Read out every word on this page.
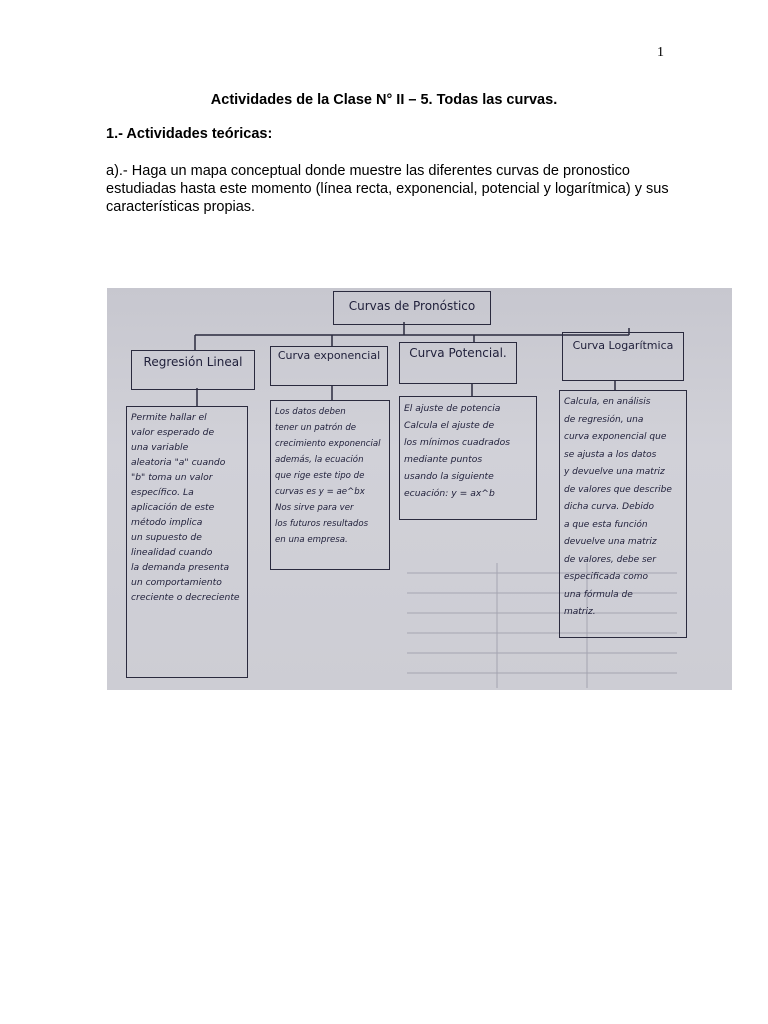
1
Actividades de la Clase N° II – 5. Todas las curvas.
1.- Actividades teóricas:
a).- Haga un mapa conceptual donde muestre las diferentes curvas de pronostico estudiadas hasta este momento (línea recta, exponencial, potencial y logarítmica) y sus características propias.
Curvas de Pronóstico
Regresión Lineal
Permite hallar el
valor esperado de
una variable
aleatoria "a" cuando
"b" toma un valor
específico. La
aplicación de este
método implica
un supuesto de
linealidad cuando
la demanda presenta
un comportamiento
creciente o decreciente
Curva exponencial
Los datos deben
tener un patrón de
crecimiento exponencial
además, la ecuación
que rige este tipo de
curvas es y = ae^bx
Nos sirve para ver
los futuros resultados
en una empresa.
Curva Potencial.
El ajuste de potencia
Calcula el ajuste de
los mínimos cuadrados
mediante puntos
usando la siguiente
ecuación: y = ax^b
Curva Logarítmica
Calcula, en análisis
de regresión, una
curva exponencial que
se ajusta a los datos
y devuelve una matriz
de valores que describe
dicha curva. Debido
a que esta función
devuelve una matriz
de valores, debe ser
especificada como
una fórmula de
matriz.
